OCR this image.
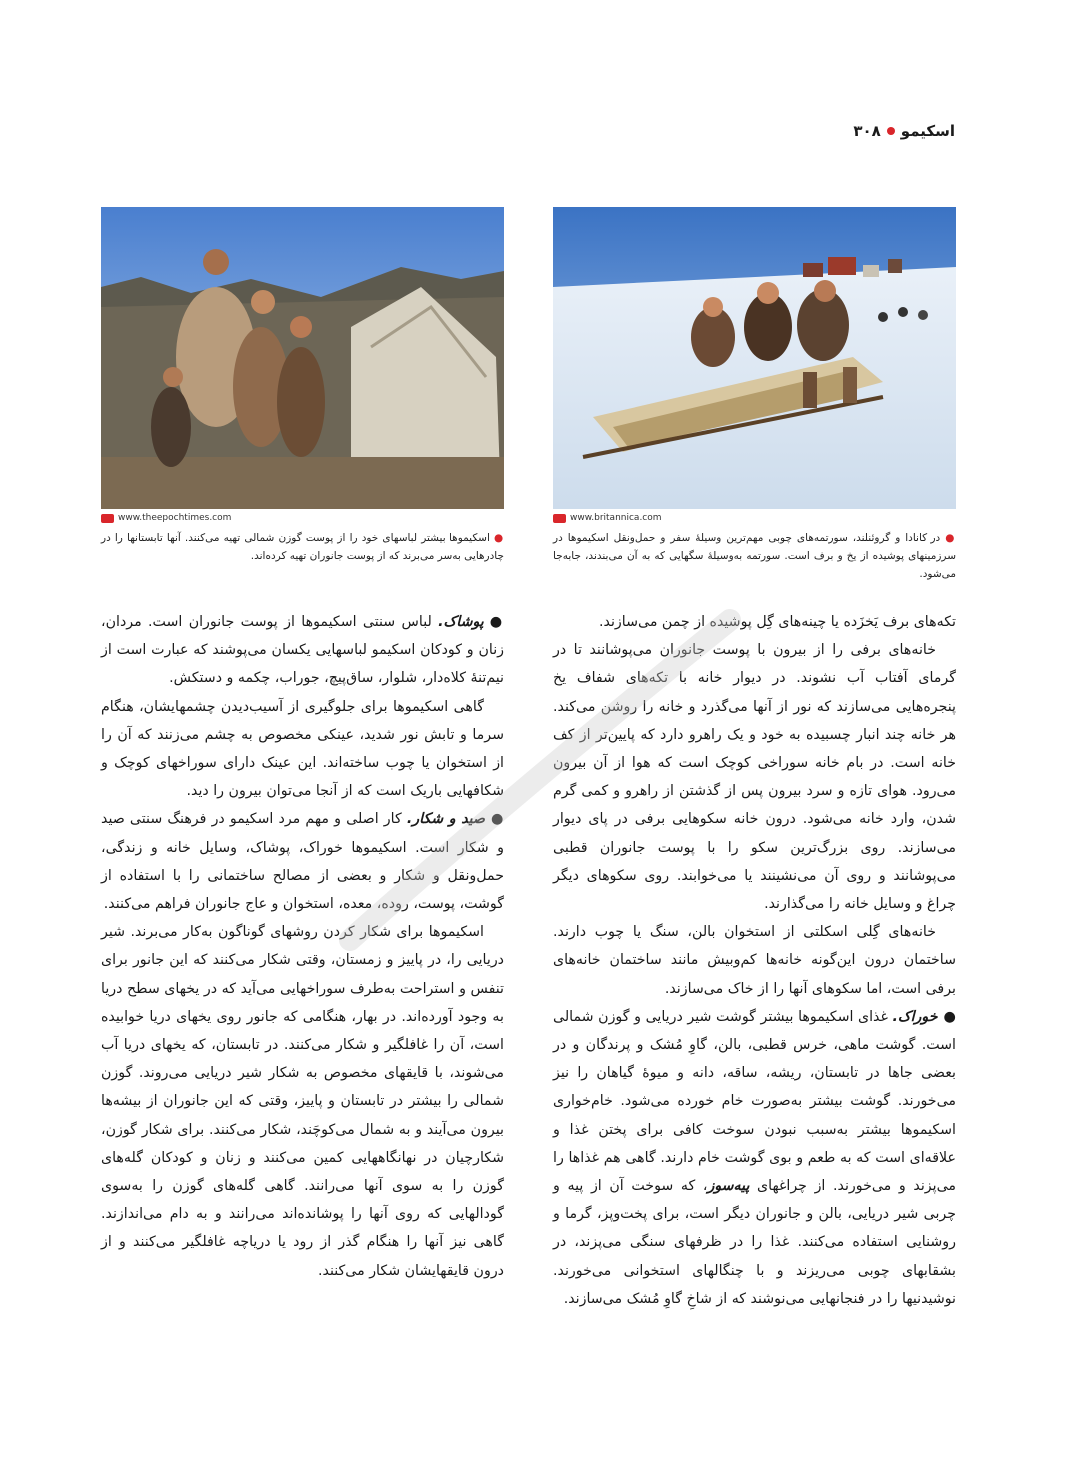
اسکیمو
۳۰۸
www.britannica.com
www.theepochtimes.com
● در کانادا و گروئنلند، سورتمه‌های چوبی مهم‌ترین وسیلهٔ سفر و حمل‌ونقل اسکیموها در سرزمینهای پوشیده از یخ و برف است. سورتمه به‌وسیلهٔ سگهایی که به آن می‌بندند، جابه‌جا می‌شود.
● اسکیموها بیشتر لباسهای خود را از پوست گوزن شمالی تهیه می‌کنند. آنها تابستانها را در چادرهایی به‌سر می‌برند که از پوست جانوران تهیه کرده‌اند.

تکه‌های برف یَخزَده یا چینه‌های گِل پوشیده از چمن می‌سازند.

خانه‌های برفی را از بیرون با پوست جانوران می‌پوشانند تا در گرمای آفتاب آب نشوند. در دیوار خانه با تکه‌های شفاف یخ پنجره‌هایی می‌سازند که نور از آنها می‌گذرد و خانه را روشن می‌کند. هر خانه چند انبار چسبیده به خود و یک راهرو دارد که پایین‌تر از کف خانه است. در بام خانه سوراخی کوچک است که هوا از آن بیرون می‌رود. هوای تازه و سرد بیرون پس از گذشتن از راهرو و کمی گرم شدن، وارد خانه می‌شود. درون خانه سکوهایی برفی در پای دیوار می‌سازند. روی بزرگ‌ترین سکو را با پوست جانوران قطبی می‌پوشانند و روی آن می‌نشینند یا می‌خوابند. روی سکوهای دیگر چراغ و وسایل خانه را می‌گذارند.

خانه‌های گِلی اسکلتی از استخوان بالن، سنگ یا چوب دارند. ساختمان درون این‌گونه خانه‌ها کم‌وبیش مانند ساختمان خانه‌های برفی است، اما سکوهای آنها را از خاک می‌سازند.

●خوراک. غذای اسکیموها بیشتر گوشت شیر دریایی و گوزن شمالی است. گوشت ماهی، خرس قطبی، بالن، گاوِ مُشک و پرندگان و در بعضی جاها در تابستان، ریشه، ساقه، دانه و میوهٔ گیاهان را نیز می‌خورند. گوشت بیشتر به‌صورت خام خورده می‌شود. خام‌خواری اسکیموها بیشتر به‌سبب نبودن سوخت کافی برای پختن غذا و علاقه‌ای است که به طعم و بوی گوشت خام دارند. گاهی هم غذاها را می‌پزند و می‌خورند. از چراغهای پیه‌سوز، که سوخت آن از پیه و چربی شیر دریایی، بالن و جانوران دیگر است، برای پخت‌وپز، گرما و روشنایی استفاده می‌کنند. غذا را در ظرفهای سنگی می‌پزند، در بشقابهای چوبی می‌ریزند و با چنگالهای استخوانی می‌خورند. نوشیدنیها را در فنجانهایی می‌نوشند که از شاخِ گاوِ مُشک می‌سازند.

●پوشاک. لباس سنتی اسکیموها از پوست جانوران است. مردان، زنان و کودکان اسکیمو لباسهایی یکسان می‌پوشند که عبارت است از نیم‌تنهٔ کلاه‌دار، شلوار، ساق‌پیچ، جوراب، چکمه و دستکش.

گاهی اسکیموها برای جلوگیری از آسیب‌دیدن چشمهایشان، هنگام سرما و تابش نور شدید، عینکی مخصوص به چشم می‌زنند که آن را از استخوان یا چوب ساخته‌اند. این عینک دارای سوراخهای کوچک و شکافهایی باریک است که از آنجا می‌توان بیرون را دید.

●صید و شکار. کار اصلی و مهم مرد اسکیمو در فرهنگ سنتی صید و شکار است. اسکیموها خوراک، پوشاک، وسایل خانه و زندگی، حمل‌ونقل و شکار و بعضی از مصالح ساختمانی را با استفاده از گوشت، پوست، روده، معده، استخوان و عاج جانوران فراهم می‌کنند.

اسکیموها برای شکار کردن روشهای گوناگون به‌کار می‌برند. شیر دریایی را، در پاییز و زمستان، وقتی شکار می‌کنند که این جانور برای تنفس و استراحت به‌طرف سوراخهایی می‌آید که در یخهای سطح دریا به وجود آورده‌اند. در بهار، هنگامی که جانور روی یخهای دریا خوابیده است، آن را غافلگیر و شکار می‌کنند. در تابستان، که یخهای دریا آب می‌شوند، با قایقهای مخصوص به شکار شیر دریایی می‌روند. گوزن شمالی را بیشتر در تابستان و پاییز، وقتی که این جانوران از بیشه‌ها بیرون می‌آیند و به شمال می‌کوچَند، شکار می‌کنند. برای شکار گوزن، شکارچیان در نهانگاههایی کمین می‌کنند و زنان و کودکان گله‌های گوزن را به سوی آنها می‌رانند. گاهی گله‌های گوزن را به‌سوی گودالهایی که روی آنها را پوشانده‌اند می‌رانند و به دام می‌اندازند. گاهی نیز آنها را هنگام گذر از رود یا دریاچه غافلگیر می‌کنند و از درون قایقهایشان شکار می‌کنند.
